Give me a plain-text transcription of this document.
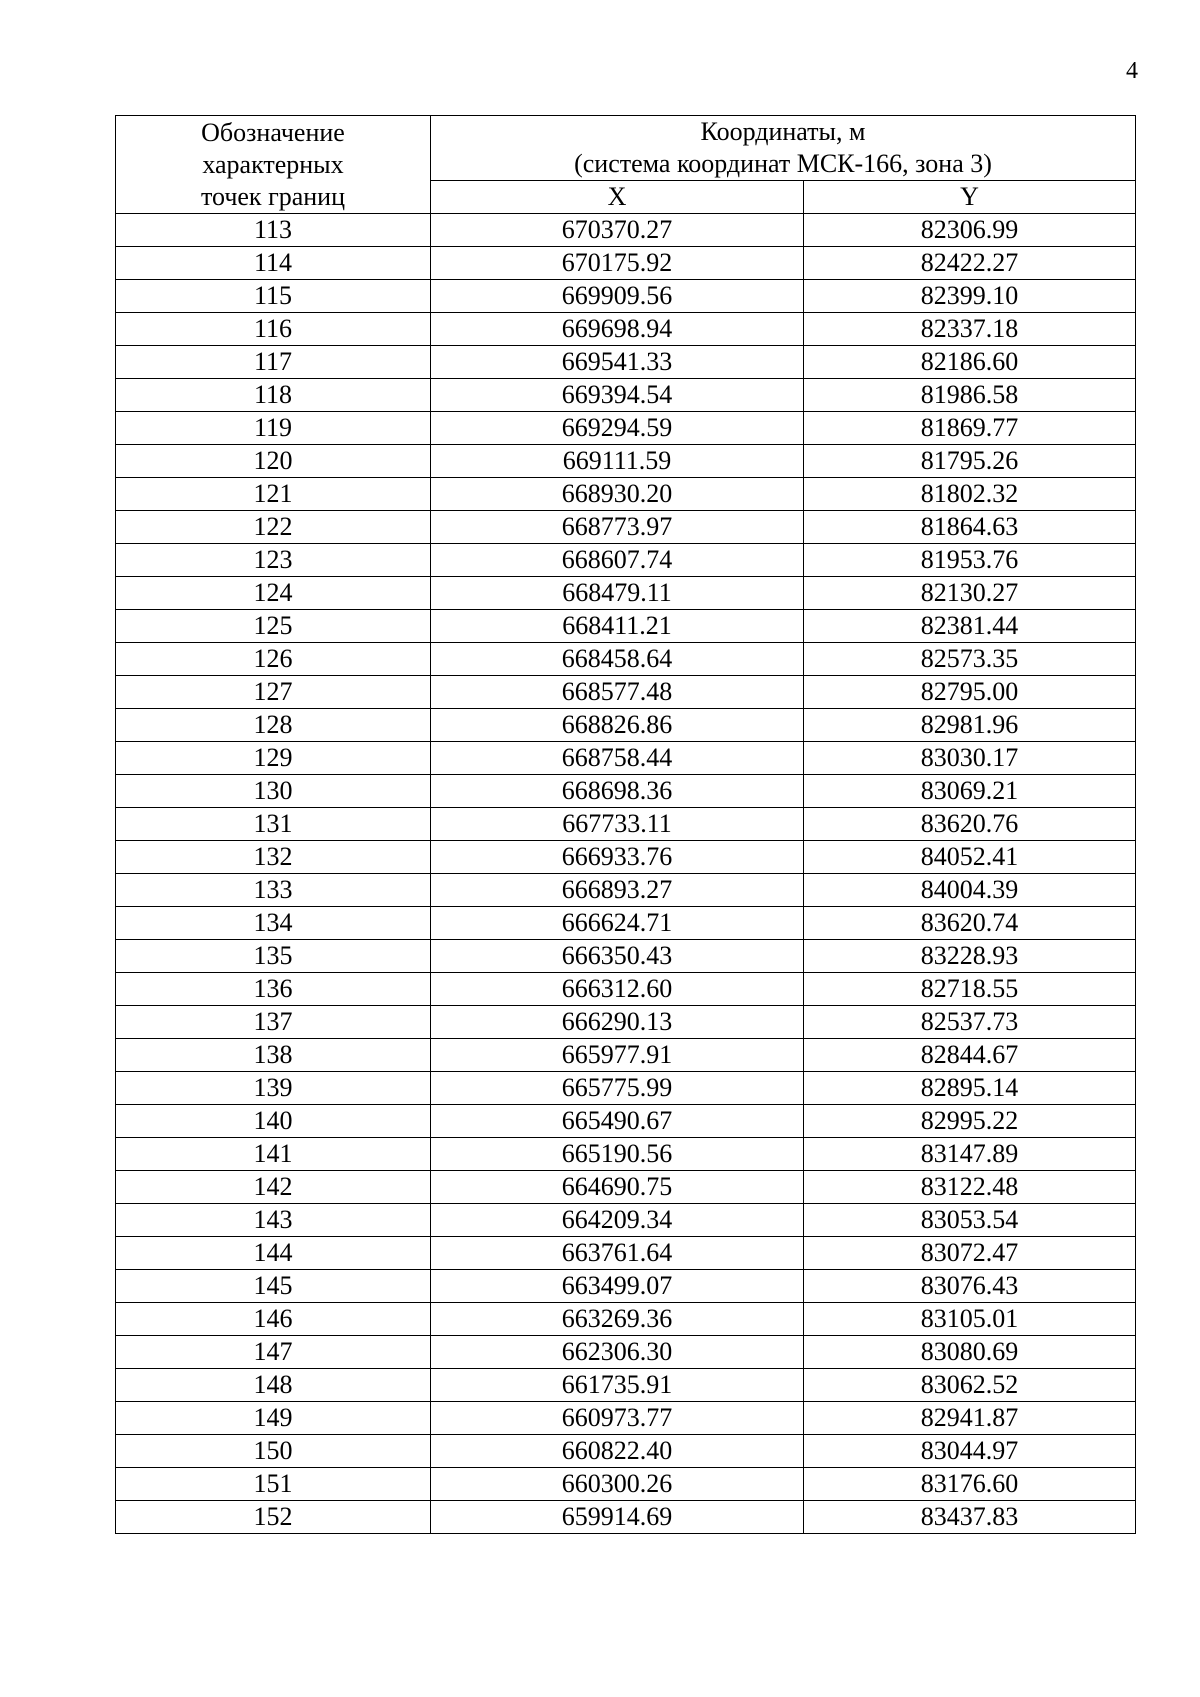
4
Обозначение
характерных
точек границ	Координаты, м
(система координат МСК-166, зона 3)	

	X	Y
113	670370.27	82306.99
114	670175.92	82422.27
115	669909.56	82399.10
116	669698.94	82337.18
117	669541.33	82186.60
118	669394.54	81986.58
119	669294.59	81869.77
120	669111.59	81795.26
121	668930.20	81802.32
122	668773.97	81864.63
123	668607.74	81953.76
124	668479.11	82130.27
125	668411.21	82381.44
126	668458.64	82573.35
127	668577.48	82795.00
128	668826.86	82981.96
129	668758.44	83030.17
130	668698.36	83069.21
131	667733.11	83620.76
132	666933.76	84052.41
133	666893.27	84004.39
134	666624.71	83620.74
135	666350.43	83228.93
136	666312.60	82718.55
137	666290.13	82537.73
138	665977.91	82844.67
139	665775.99	82895.14
140	665490.67	82995.22
141	665190.56	83147.89
142	664690.75	83122.48
143	664209.34	83053.54
144	663761.64	83072.47
145	663499.07	83076.43
146	663269.36	83105.01
147	662306.30	83080.69
148	661735.91	83062.52
149	660973.77	82941.87
150	660822.40	83044.97
151	660300.26	83176.60
152	659914.69	83437.83
